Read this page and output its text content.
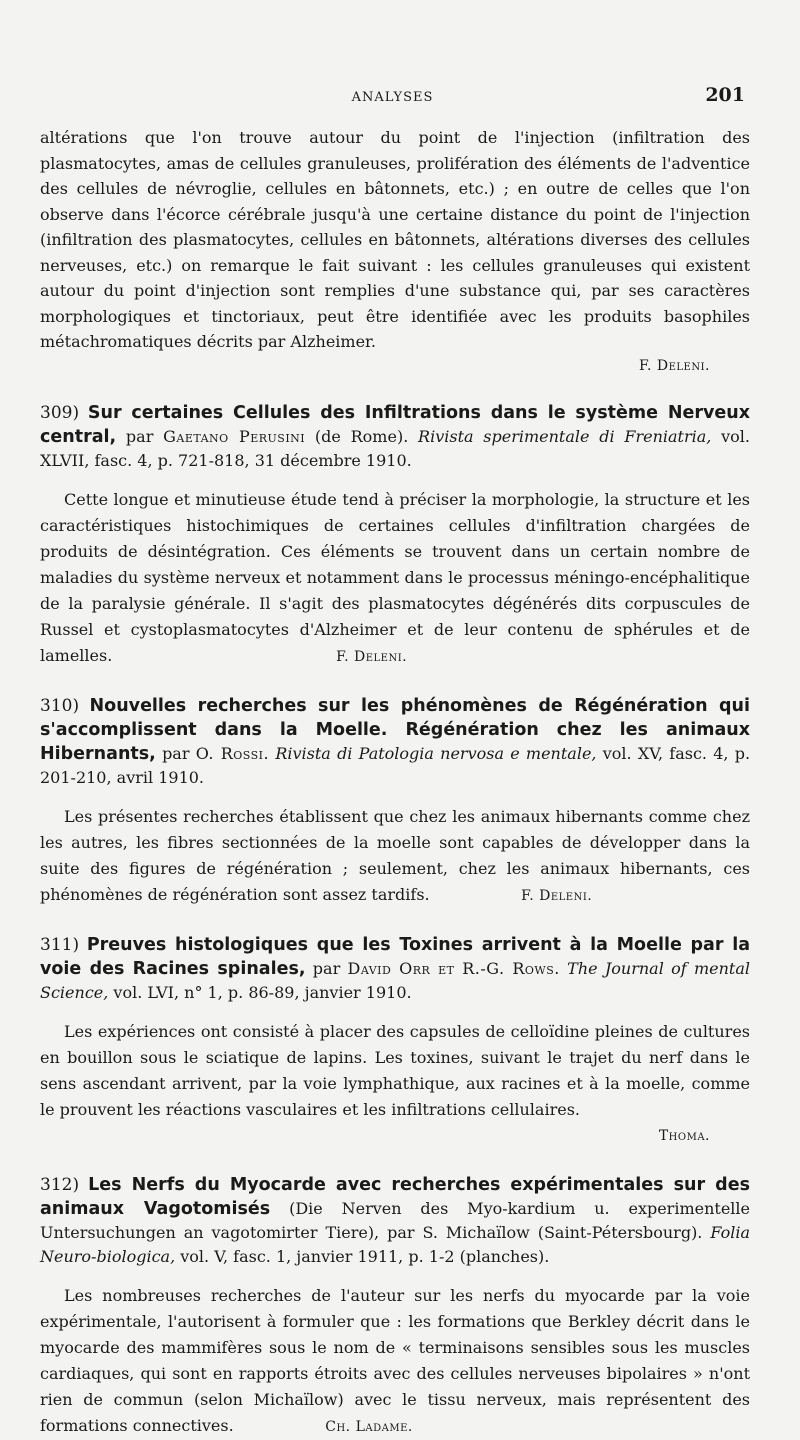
ANALYSES	201

altérations que l'on trouve autour du point de l'injection (infiltration des plasmatocytes, amas de cellules granuleuses, prolifération des éléments de l'adventice des cellules de névroglie, cellules en bâtonnets, etc.) ; en outre de celles que l'on observe dans l'écorce cérébrale jusqu'à une certaine distance du point de l'injection (infiltration des plasmatocytes, cellules en bâtonnets, altérations diverses des cellules nerveuses, etc.) on remarque le fait suivant : les cellules granuleuses qui existent autour du point d'injection sont remplies d'une substance qui, par ses caractères morphologiques et tinctoriaux, peut être identifiée avec les produits basophiles métachromatiques décrits par Alzheimer.

F. Deleni.

309) Sur certaines Cellules des Infiltrations dans le système Nerveux central, par Gaetano Perusini (de Rome). Rivista sperimentale di Freniatria, vol. XLVII, fasc. 4, p. 721-818, 31 décembre 1910.

Cette longue et minutieuse étude tend à préciser la morphologie, la structure et les caractéristiques histochimiques de certaines cellules d'infiltration chargées de produits de désintégration. Ces éléments se trouvent dans un certain nombre de maladies du système nerveux et notamment dans le processus méningo-encéphalitique de la paralysie générale. Il s'agit des plasmatocytes dégénérés dits corpuscules de Russel et cystoplasmatocytes d'Alzheimer et de leur contenu de sphérules et de lamelles.	F. Deleni.

310) Nouvelles recherches sur les phénomènes de Régénération qui s'accomplissent dans la Moelle. Régénération chez les animaux Hibernants, par O. Rossi. Rivista di Patologia nervosa e mentale, vol. XV, fasc. 4, p. 201-210, avril 1910.

Les présentes recherches établissent que chez les animaux hibernants comme chez les autres, les fibres sectionnées de la moelle sont capables de développer dans la suite des figures de régénération ; seulement, chez les animaux hibernants, ces phénomènes de régénération sont assez tardifs.	F. Deleni.

311) Preuves histologiques que les Toxines arrivent à la Moelle par la voie des Racines spinales, par David Orr et R.-G. Rows. The Journal of mental Science, vol. LVI, n° 1, p. 86-89, janvier 1910.

Les expériences ont consisté à placer des capsules de celloïdine pleines de cultures en bouillon sous le sciatique de lapins. Les toxines, suivant le trajet du nerf dans le sens ascendant arrivent, par la voie lymphathique, aux racines et à la moelle, comme le prouvent les réactions vasculaires et les infiltrations cellulaires.

Thoma.

312) Les Nerfs du Myocarde avec recherches expérimentales sur des animaux Vagotomisés (Die Nerven des Myo-kardium u. experimentelle Untersuchungen an vagotomirter Tiere), par S. Michaïlow (Saint-Pétersbourg). Folia Neuro-biologica, vol. V, fasc. 1, janvier 1911, p. 1-2 (planches).

Les nombreuses recherches de l'auteur sur les nerfs du myocarde par la voie expérimentale, l'autorisent à formuler que : les formations que Berkley décrit dans le myocarde des mammifères sous le nom de « terminaisons sensibles sous les muscles cardiaques, qui sont en rapports étroits avec des cellules nerveuses bipolaires » n'ont rien de commun (selon Michaïlow) avec le tissu nerveux, mais représentent des formations connectives.	Ch. Ladame.
